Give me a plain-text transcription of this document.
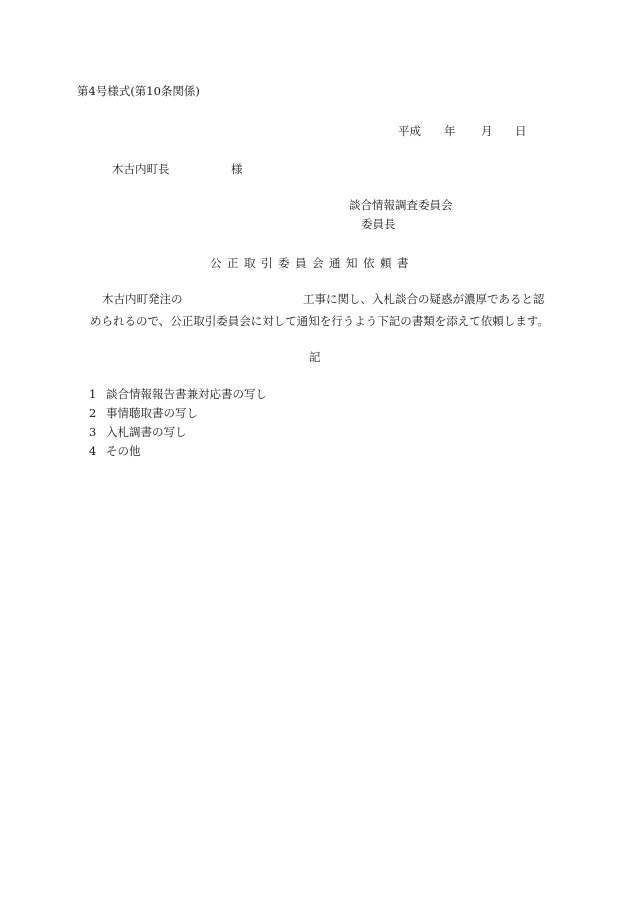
第4号様式(第10条関係)
平成 年 月 日
木古内町長	様
談合情報調査委員会
委員長
公正取引委員会通知依頼書
木古内町発注の	工事に関し、入札談合の疑惑が濃厚であると認
められるので、公正取引委員会に対して通知を行うよう下記の書類を添えて依頼します。
記
1 談合情報報告書兼対応書の写し
2 事情聴取書の写し
3 入札調書の写し
4 その他
